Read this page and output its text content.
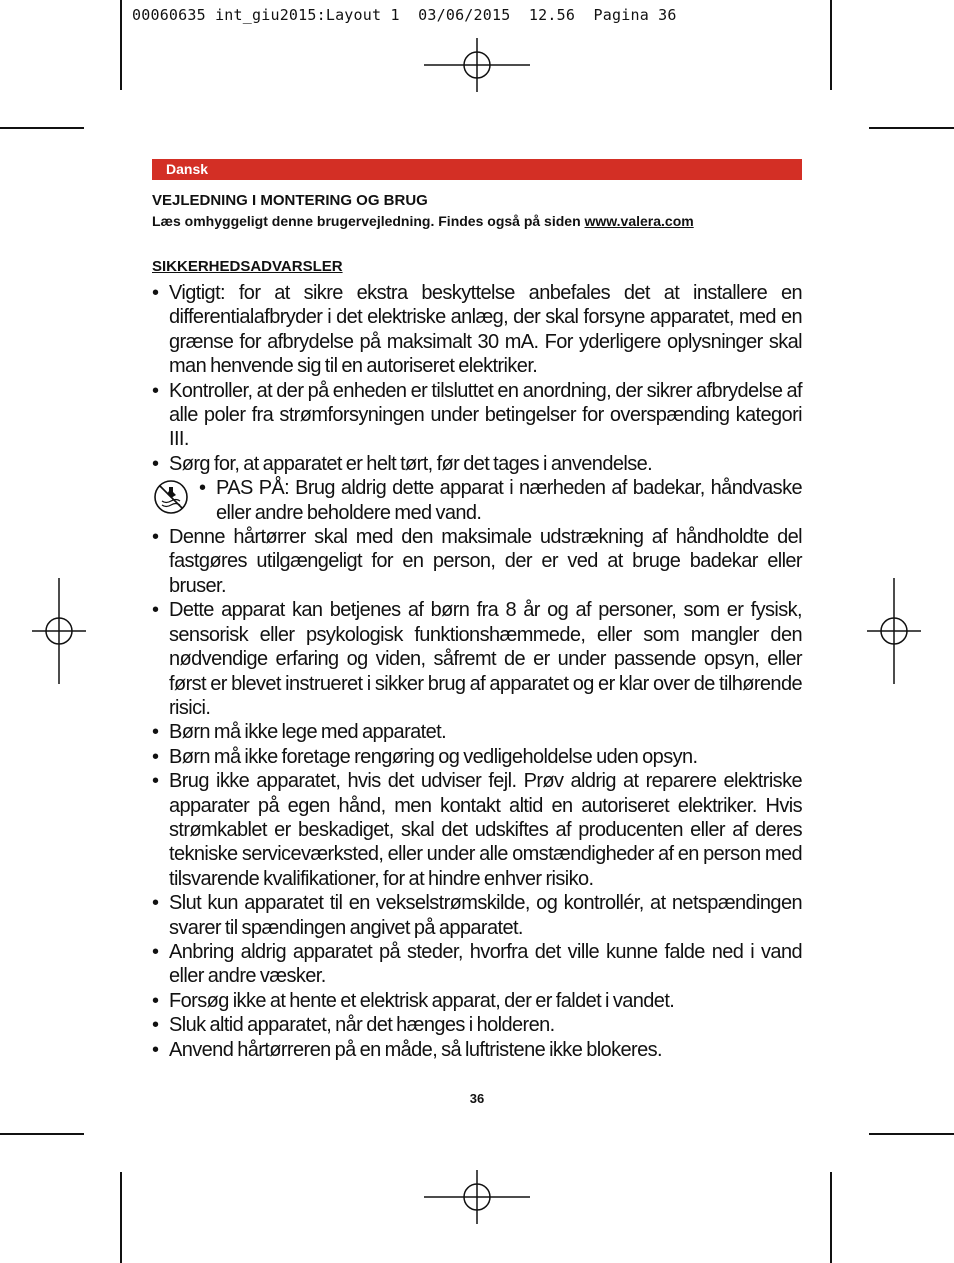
00060635 int_giu2015:Layout 1  03/06/2015  12.56  Pagina 36
Dansk
VEJLEDNING I MONTERING OG BRUG
Læs omhyggeligt denne brugervejledning. Findes også på siden www.valera.com
SIKKERHEDSADVARSLER
• Vigtigt: for at sikre ekstra beskyttelse anbefales det at installere en differentialafbryder i det elektriske anlæg, der skal forsyne apparatet, med en grænse for afbrydelse på maksimalt 30 mA. For yderligere oplysninger skal man henvende sig til en autoriseret elektriker.
• Kontroller, at der på enheden er tilsluttet en anordning, der sikrer afbrydelse af alle poler fra strømforsyningen under betingelser for overspænding kategori III.
• Sørg for, at apparatet er helt tørt, før det tages i anvendelse.
• PAS PÅ: Brug aldrig dette apparat i nærheden af badekar, håndvaske eller andre beholdere med vand.
• Denne hårtørrer skal med den maksimale udstrækning af håndholdte del fastgøres utilgængeligt for en person, der er ved at bruge badekar eller bruser.
• Dette apparat kan betjenes af børn fra 8 år og af personer, som er fysisk, sensorisk eller psykologisk funktionshæmmede, eller som mangler den nødvendige erfaring og viden, såfremt de er under passende opsyn, eller først er blevet instrueret i sikker brug af apparatet og er klar over de tilhørende risici.
• Børn må ikke lege med apparatet.
• Børn må ikke foretage rengøring og vedligeholdelse uden opsyn.
• Brug ikke apparatet, hvis det udviser fejl. Prøv aldrig at reparere elektriske apparater på egen hånd, men kontakt altid en autoriseret elektriker. Hvis strømkablet er beskadiget, skal det udskiftes af producenten eller af deres tekniske serviceværksted, eller under alle omstændigheder af en person med tilsvarende kvalifikationer, for at hindre enhver risiko.
• Slut kun apparatet til en vekselstrømskilde, og kontrollér, at netspændingen svarer til spændingen angivet på apparatet.
• Anbring aldrig apparatet på steder, hvorfra det ville kunne falde ned i vand eller andre væsker.
• Forsøg ikke at hente et elektrisk apparat, der er faldet i vandet.
• Sluk altid apparatet, når det hænges i holderen.
• Anvend hårtørreren på en måde, så luftristene ikke blokeres.
36
